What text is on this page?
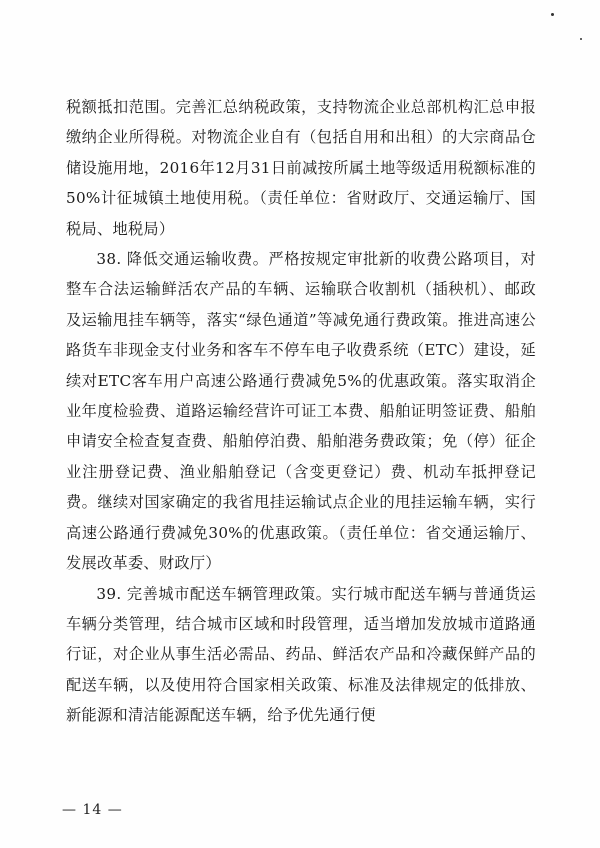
税额抵扣范围。完善汇总纳税政策，支持物流企业总部机构汇总申报缴纳企业所得税。对物流企业自有（包括自用和出租）的大宗商品仓储设施用地，2016年12月31日前减按所属土地等级适用税额标准的50%计征城镇土地使用税。（责任单位：省财政厅、交通运输厅、国税局、地税局）

38. 降低交通运输收费。严格按规定审批新的收费公路项目，对整车合法运输鲜活农产品的车辆、运输联合收割机（插秧机）、邮政及运输甩挂车辆等，落实“绿色通道”等减免通行费政策。推进高速公路货车非现金支付业务和客车不停车电子收费系统（ETC）建设，延续对ETC客车用户高速公路通行费减免5%的优惠政策。落实取消企业年度检验费、道路运输经营许可证工本费、船舶证明签证费、船舶申请安全检查复查费、船舶停泊费、船舶港务费政策；免（停）征企业注册登记费、渔业船舶登记（含变更登记）费、机动车抵押登记费。继续对国家确定的我省甩挂运输试点企业的甩挂运输车辆，实行高速公路通行费减免30%的优惠政策。（责任单位：省交通运输厅、发展改革委、财政厅）

39. 完善城市配送车辆管理政策。实行城市配送车辆与普通货运车辆分类管理，结合城市区域和时段管理，适当增加发放城市道路通行证，对企业从事生活必需品、药品、鲜活农产品和冷藏保鲜产品的配送车辆，以及使用符合国家相关政策、标准及法律规定的低排放、新能源和清洁能源配送车辆，给予优先通行便

— 14 —
